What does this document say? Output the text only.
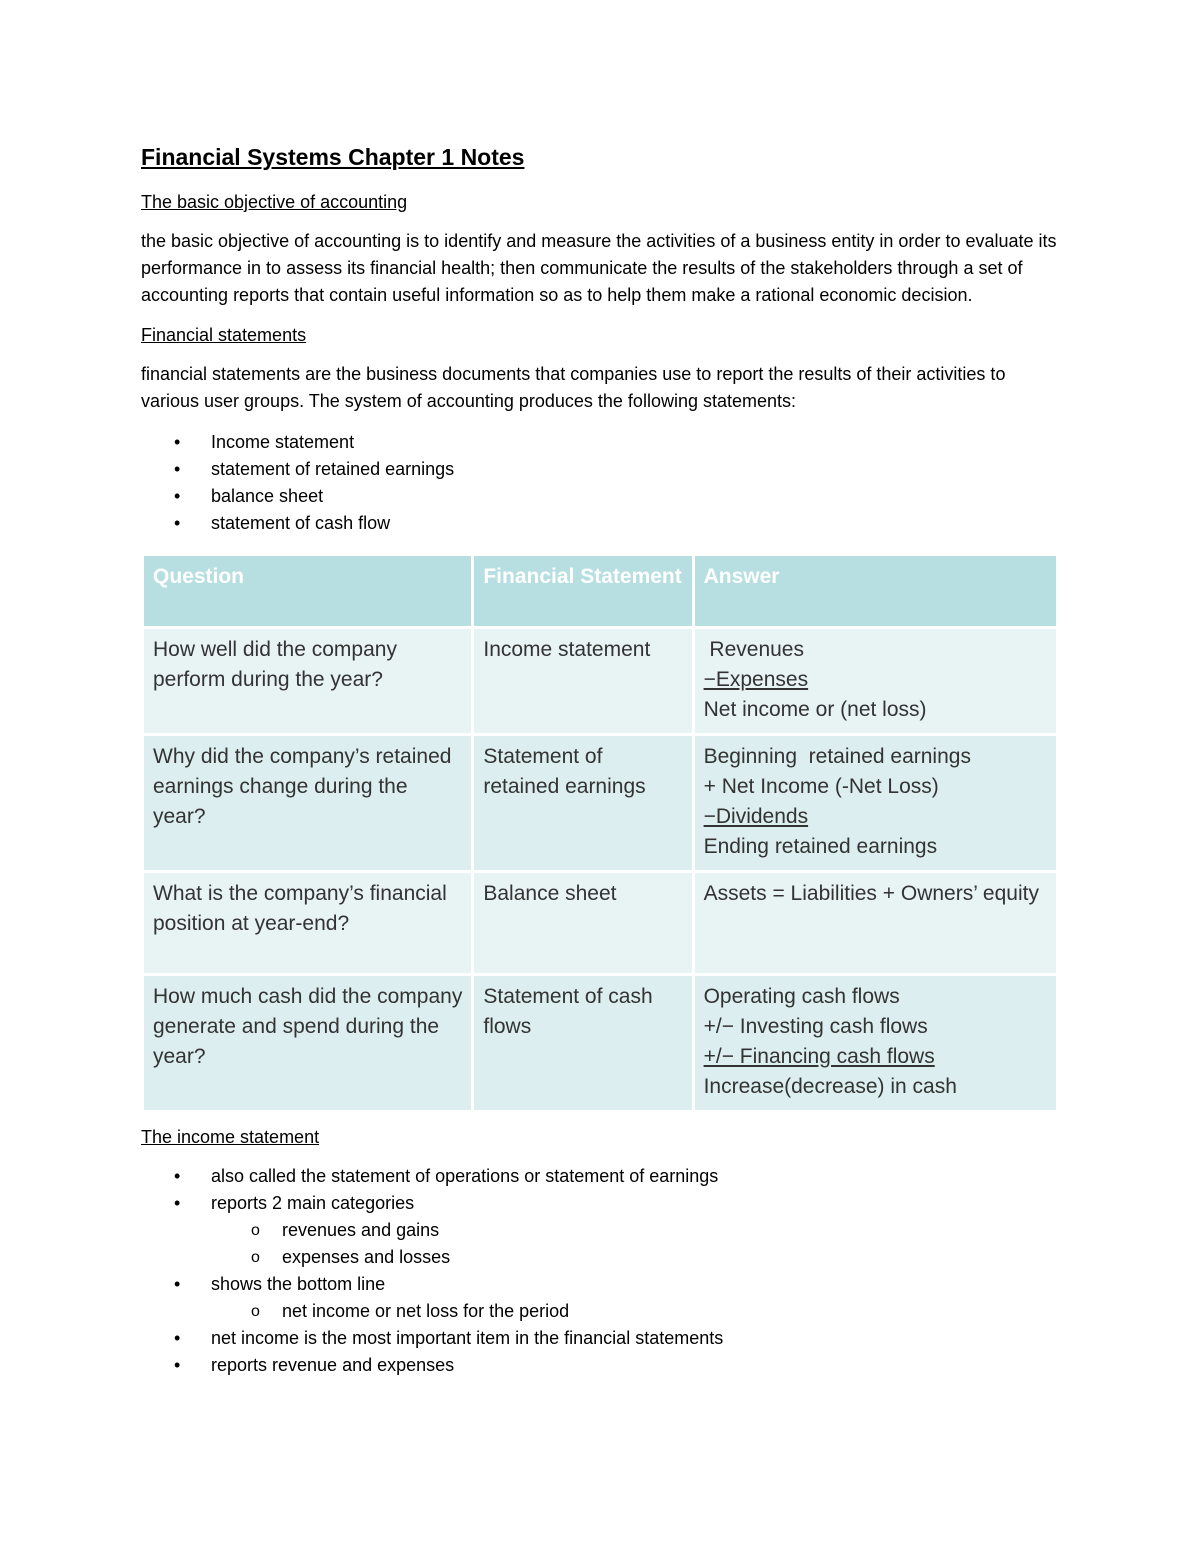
Financial Systems Chapter 1 Notes
The basic objective of accounting
the basic objective of accounting is to identify and measure the activities of a business entity in order to evaluate its performance in to assess its financial health; then communicate the results of the stakeholders through a set of accounting reports that contain useful information so as to help them make a rational economic decision.
Financial statements
financial statements are the business documents that companies use to report the results of their activities to various user groups. The system of accounting produces the following statements:
• Income statement
• statement of retained earnings
• balance sheet
• statement of cash flow
Question	Financial Statement	Answer
How well did the company perform during the year?	Income statement	Revenues
−Expenses
Net income or (net loss)

Why did the company’s retained earnings change during the year?	Statement of retained earnings	Beginning  retained earnings
+ Net Income (-Net Loss)
−Dividends
Ending retained earnings

What is the company’s financial position at year-end?	Balance sheet	Assets = Liabilities + Owners’ equity

How much cash did the company generate and spend during the year?	Statement of cash flows	Operating cash flows
+/− Investing cash flows
+/− Financing cash flows
Increase(decrease) in cash
The income statement
• also called the statement of operations or statement of earnings
• reports 2 main categories
o revenues and gains
o expenses and losses
• shows the bottom line
o net income or net loss for the period
• net income is the most important item in the financial statements
• reports revenue and expenses
